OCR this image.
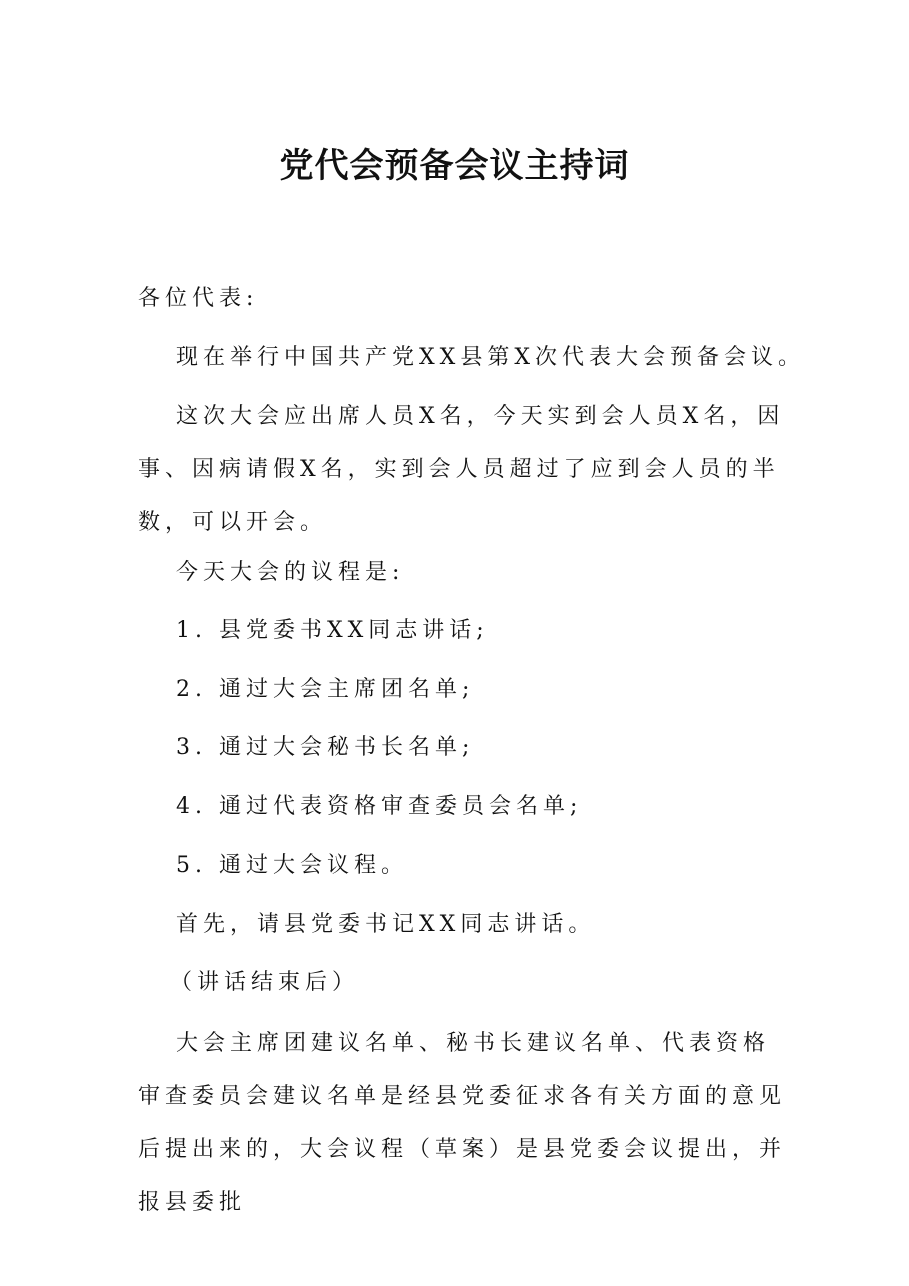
党代会预备会议主持词

各位代表:

现在举行中国共产党XX县第X次代表大会预备会议。

这次大会应出席人员X名，今天实到会人员X名，因事、因病请假X名，实到会人员超过了应到会人员的半数，可以开会。

今天大会的议程是:

1. 县党委书XX同志讲话;

2. 通过大会主席团名单;

3. 通过大会秘书长名单;

4. 通过代表资格审查委员会名单;

5. 通过大会议程。

首先，请县党委书记XX同志讲话。

（讲话结束后）

大会主席团建议名单、秘书长建议名单、代表资格审查委员会建议名单是经县党委征求各有关方面的意见后提出来的，大会议程（草案）是县党委会议提出，并报县委批
